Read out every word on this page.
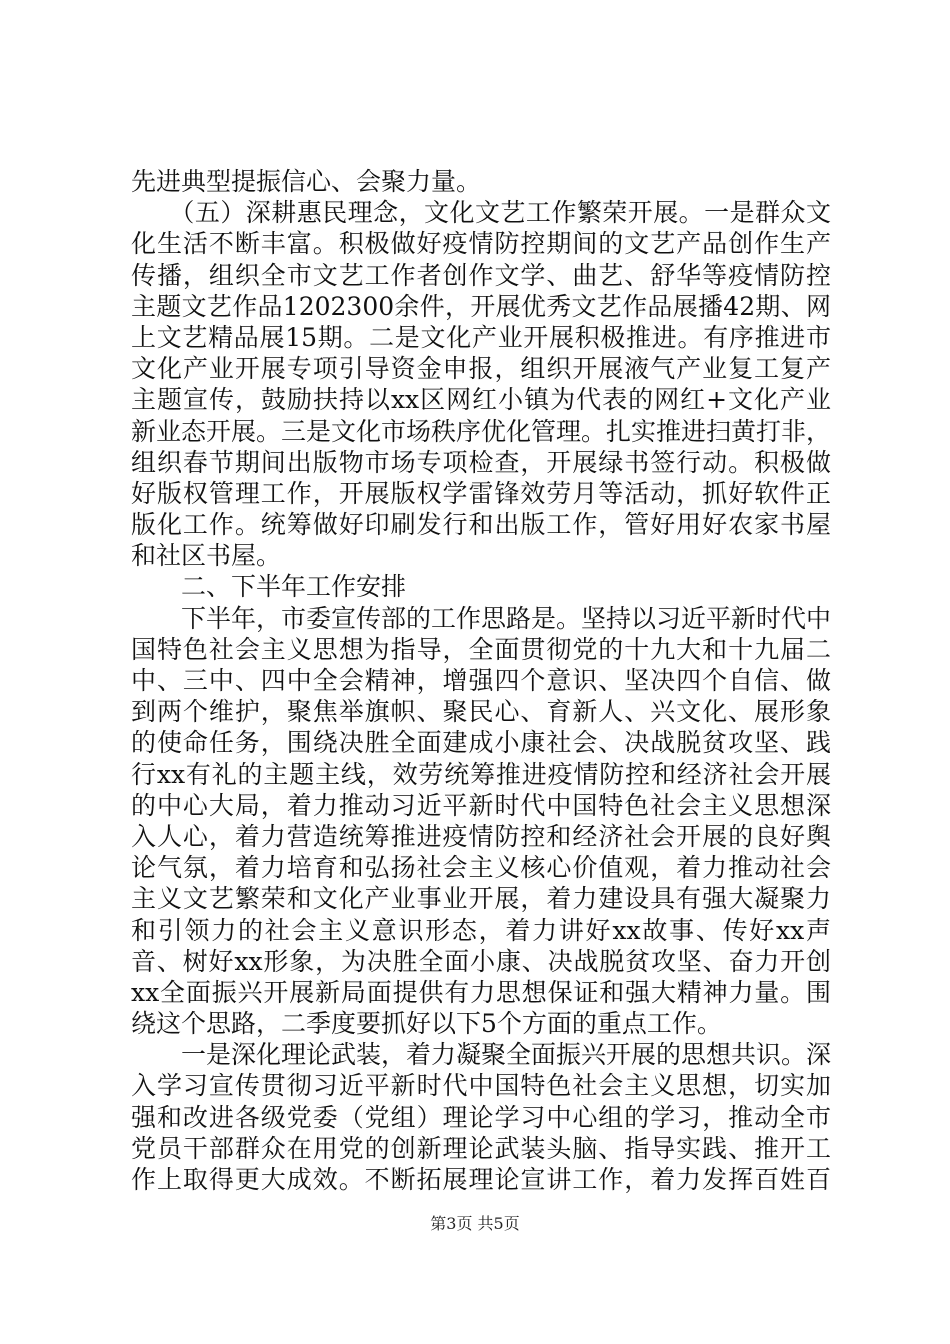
先进典型提振信心、会聚力量。
　　（五）深耕惠民理念，文化文艺工作繁荣开展。一是群众文
化生活不断丰富。积极做好疫情防控期间的文艺产品创作生产
传播，组织全市文艺工作者创作文学、曲艺、舒华等疫情防控
主题文艺作品1202300余件，开展优秀文艺作品展播42期、网
上文艺精品展15期。二是文化产业开展积极推进。有序推进市
文化产业开展专项引导资金申报，组织开展液气产业复工复产
主题宣传，鼓励扶持以xx区网红小镇为代表的网红+文化产业
新业态开展。三是文化市场秩序优化管理。扎实推进扫黄打非，
组织春节期间出版物市场专项检查，开展绿书签行动。积极做
好版权管理工作，开展版权学雷锋效劳月等活动，抓好软件正
版化工作。统筹做好印刷发行和出版工作，管好用好农家书屋
和社区书屋。
　　二、下半年工作安排
　　下半年，市委宣传部的工作思路是。坚持以习近平新时代中
国特色社会主义思想为指导，全面贯彻党的十九大和十九届二
中、三中、四中全会精神，增强四个意识、坚决四个自信、做
到两个维护，聚焦举旗帜、聚民心、育新人、兴文化、展形象
的使命任务，围绕决胜全面建成小康社会、决战脱贫攻坚、践
行xx有礼的主题主线，效劳统筹推进疫情防控和经济社会开展
的中心大局，着力推动习近平新时代中国特色社会主义思想深
入人心，着力营造统筹推进疫情防控和经济社会开展的良好舆
论气氛，着力培育和弘扬社会主义核心价值观，着力推动社会
主义文艺繁荣和文化产业事业开展，着力建设具有强大凝聚力
和引领力的社会主义意识形态，着力讲好xx故事、传好xx声
音、树好xx形象，为决胜全面小康、决战脱贫攻坚、奋力开创
xx全面振兴开展新局面提供有力思想保证和强大精神力量。围
绕这个思路，二季度要抓好以下5个方面的重点工作。
　　一是深化理论武装，着力凝聚全面振兴开展的思想共识。深
入学习宣传贯彻习近平新时代中国特色社会主义思想，切实加
强和改进各级党委（党组）理论学习中心组的学习，推动全市
党员干部群众在用党的创新理论武装头脑、指导实践、推开工
作上取得更大成效。不断拓展理论宣讲工作，着力发挥百姓百
第3页 共5页
